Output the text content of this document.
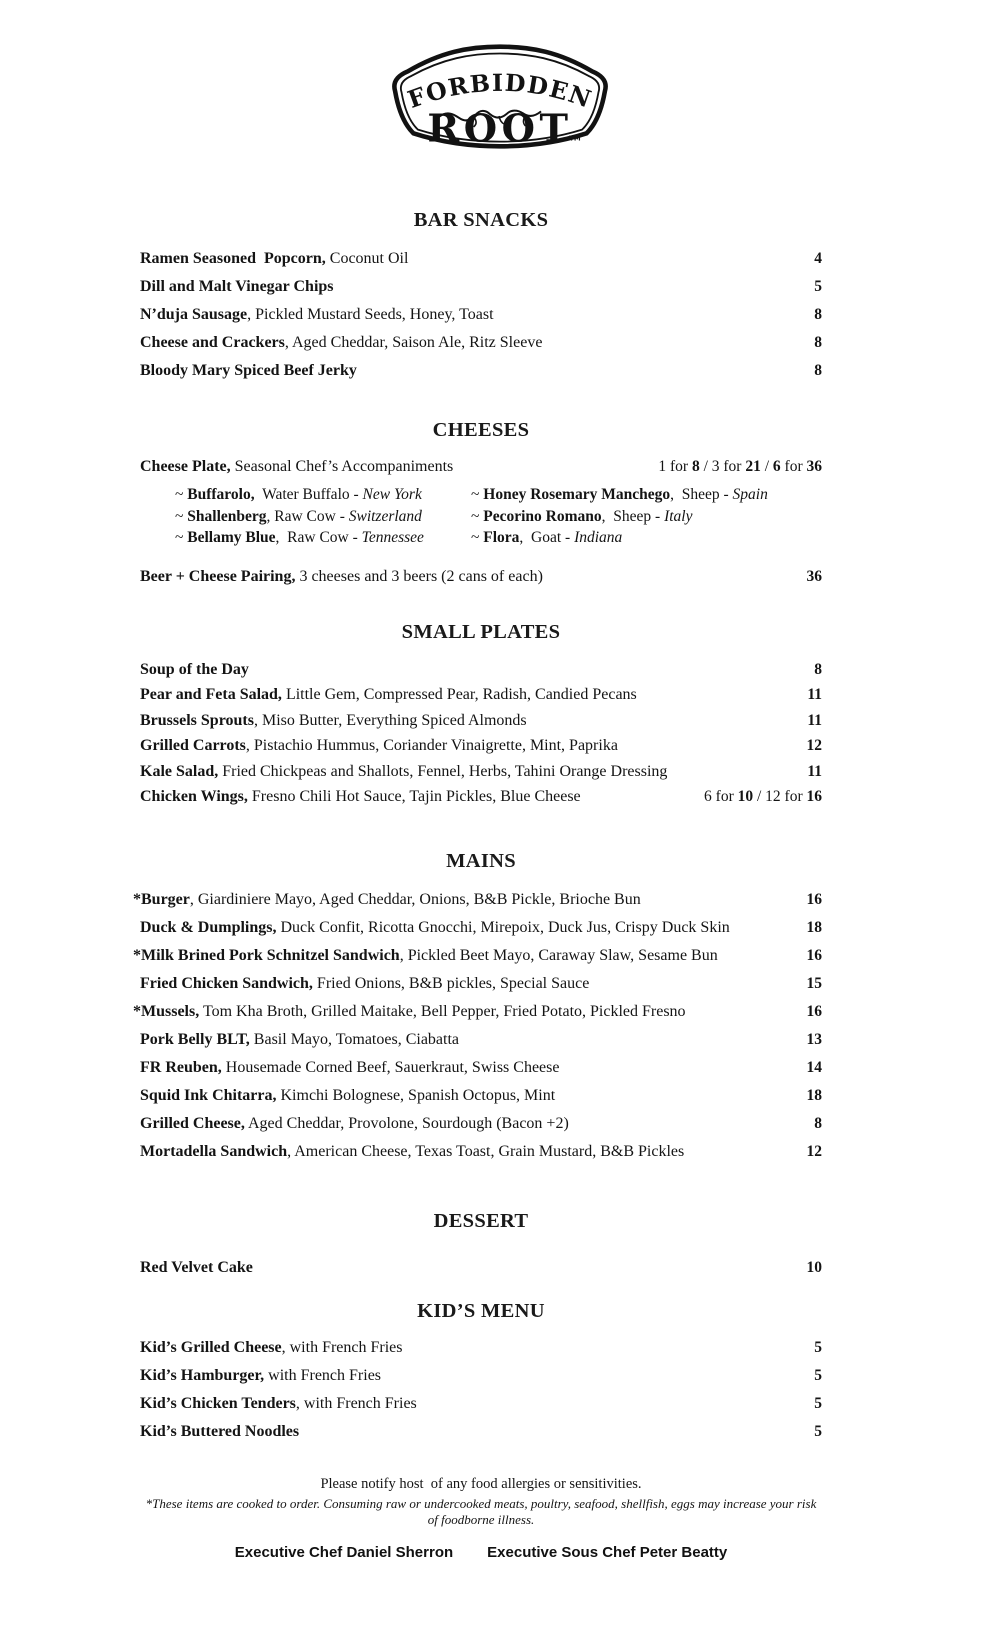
FORBIDDEN
ROOT
TM
BAR SNACKS
Ramen Seasoned  Popcorn, Coconut Oil	4
Dill and Malt Vinegar Chips	5
N’duja Sausage, Pickled Mustard Seeds, Honey, Toast	8
Cheese and Crackers, Aged Cheddar, Saison Ale, Ritz Sleeve	8
Bloody Mary Spiced Beef Jerky	8
CHEESES
Cheese Plate, Seasonal Chef’s Accompaniments	1 for 8 / 3 for 21 / 6 for 36
~ Buffarolo,  Water Buffalo - New York
~ Shallenberg, Raw Cow - Switzerland
~ Bellamy Blue,  Raw Cow - Tennessee
~ Honey Rosemary Manchego,  Sheep - Spain
~ Pecorino Romano,  Sheep - Italy
~ Flora,  Goat - Indiana
Beer + Cheese Pairing, 3 cheeses and 3 beers (2 cans of each)	36
SMALL PLATES
Soup of the Day	8
Pear and Feta Salad, Little Gem, Compressed Pear, Radish, Candied Pecans	11
Brussels Sprouts, Miso Butter, Everything Spiced Almonds	11
Grilled Carrots, Pistachio Hummus, Coriander Vinaigrette, Mint, Paprika	12
Kale Salad, Fried Chickpeas and Shallots, Fennel, Herbs, Tahini Orange Dressing	11
Chicken Wings, Fresno Chili Hot Sauce, Tajin Pickles, Blue Cheese	6 for 10 / 12 for 16
MAINS
*Burger, Giardiniere Mayo, Aged Cheddar, Onions, B&B Pickle, Brioche Bun	16
Duck & Dumplings, Duck Confit, Ricotta Gnocchi, Mirepoix, Duck Jus, Crispy Duck Skin	18
*Milk Brined Pork Schnitzel Sandwich, Pickled Beet Mayo, Caraway Slaw, Sesame Bun	16
Fried Chicken Sandwich, Fried Onions, B&B pickles, Special Sauce	15
*Mussels, Tom Kha Broth, Grilled Maitake, Bell Pepper, Fried Potato, Pickled Fresno	16
Pork Belly BLT, Basil Mayo, Tomatoes, Ciabatta	13
FR Reuben, Housemade Corned Beef, Sauerkraut, Swiss Cheese	14
Squid Ink Chitarra, Kimchi Bolognese, Spanish Octopus, Mint	18
Grilled Cheese, Aged Cheddar, Provolone, Sourdough (Bacon +2)	8
Mortadella Sandwich, American Cheese, Texas Toast, Grain Mustard, B&B Pickles	12
DESSERT
Red Velvet Cake	10
KID’S MENU
Kid’s Grilled Cheese, with French Fries	5
Kid’s Hamburger, with French Fries	5
Kid’s Chicken Tenders, with French Fries	5
Kid’s Buttered Noodles	5
Please notify host  of any food allergies or sensitivities.
*These items are cooked to order. Consuming raw or undercooked meats, poultry, seafood, shellfish, eggs may increase your risk of foodborne illness.
Executive Chef Daniel Sherron Executive Sous Chef Peter Beatty
